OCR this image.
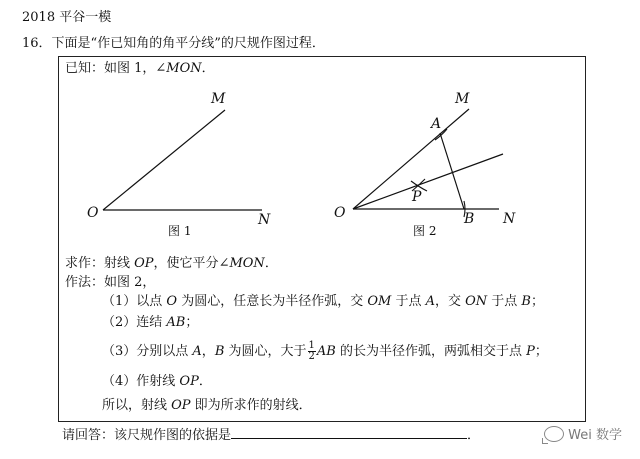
2018 平谷一模
16．下面是“作已知角的角平分线”的尺规作图过程．
M
O	N
图 1
M
A
O
P
B N
图 2
已知：如图 1，∠MON．
求作：射线 OP，使它平分∠MON．
作法：如图 2，
（1）以点 O 为圆心，任意长为半径作弧，交 OM 于点 A，交 ON 于点 B；
（2）连结 AB；
（3）分别以点 A，B 为圆心，大于 $\frac{1}{2}$ AB 的长为半径作弧，两弧相交于点 P；
（4）作射线 OP．
所以，射线 OP 即为所求作的射线．
请回答：该尺规作图的依据是	．	Wei 数学
